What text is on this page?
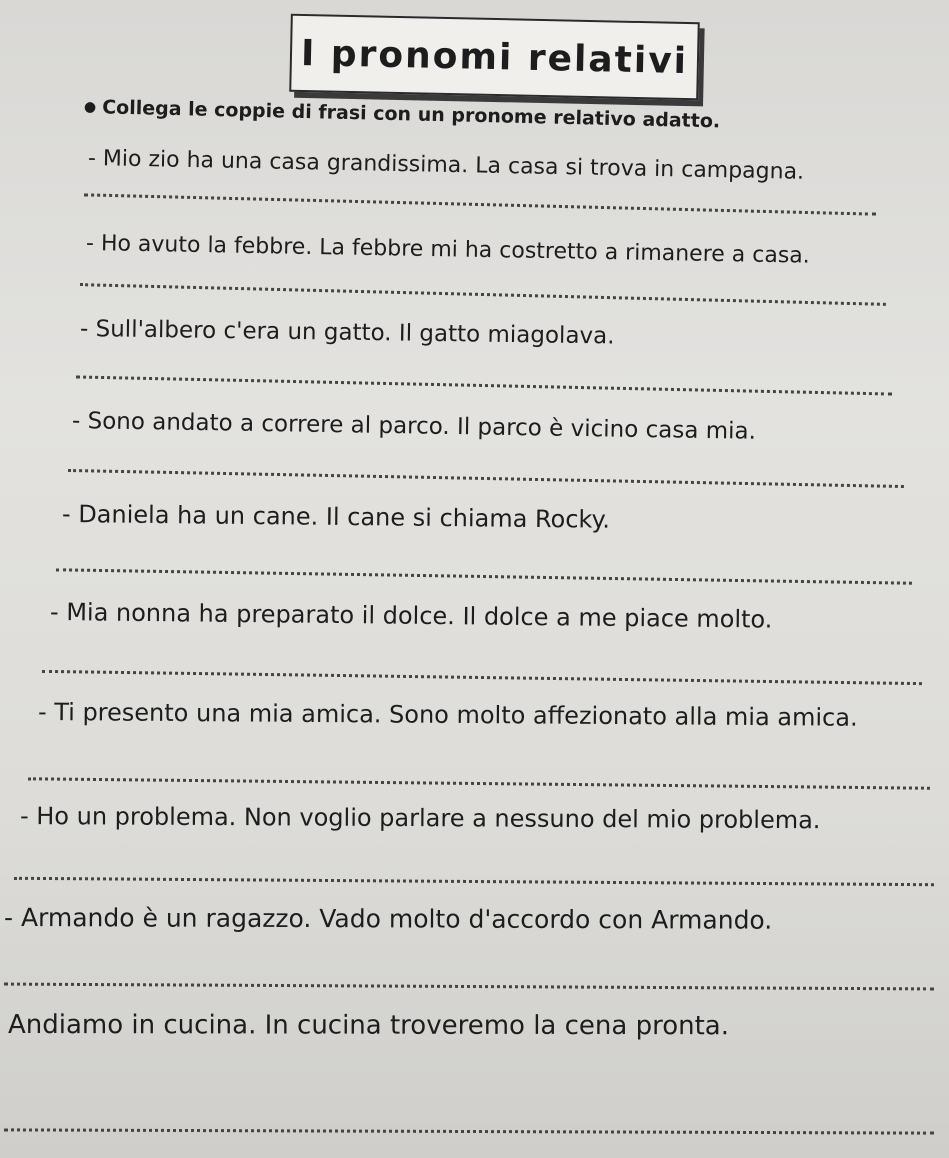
I pronomi relativi
● Collega le coppie di frasi con un pronome relativo adatto.
- Mio zio ha una casa grandissima. La casa si trova in campagna.
- Ho avuto la febbre. La febbre mi ha costretto a rimanere a casa.
- Sull'albero c'era un gatto. Il gatto miagolava.
- Sono andato a correre al parco. Il parco è vicino casa mia.
- Daniela ha un cane. Il cane si chiama Rocky.
- Mia nonna ha preparato il dolce. Il dolce a me piace molto.
- Ti presento una mia amica. Sono molto affezionato alla mia amica.
- Ho un problema. Non voglio parlare a nessuno del mio problema.
- Armando è un ragazzo. Vado molto d'accordo con Armando.
Andiamo in cucina. In cucina troveremo la cena pronta.
